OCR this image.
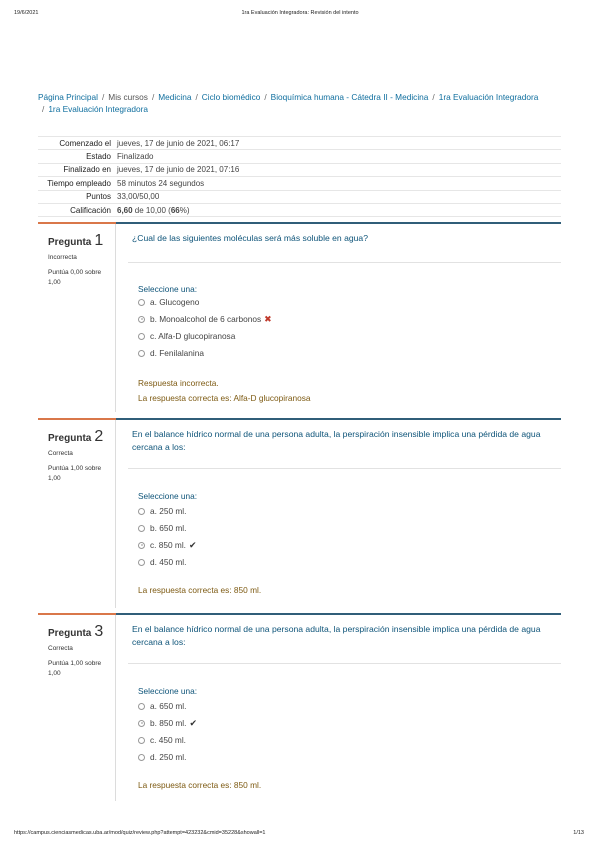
19/6/2021	1ra Evaluación Integradora: Revisión del intento
Página Principal / Mis cursos / Medicina / Ciclo biomédico / Bioquímica humana - Cátedra II - Medicina / 1ra Evaluación Integradora
/ 1ra Evaluación Integradora
Comenzado el	jueves, 17 de junio de 2021, 06:17
Estado	Finalizado
Finalizado en	jueves, 17 de junio de 2021, 07:16
Tiempo empleado	58 minutos 24 segundos
Puntos	33,00/50,00
Calificación	6,60 de 10,00 (66%)
Pregunta 1
Incorrecta
Puntúa 0,00 sobre 1,00
¿Cual de las siguientes moléculas será más soluble en agua?
Seleccione una:
a. Glucogeno
b. Monoalcohol de 6 carbonos ✖
c. Alfa-D glucopiranosa
d. Fenilalanina
Respuesta incorrecta.
La respuesta correcta es: Alfa-D glucopiranosa
Pregunta 2
Correcta
Puntúa 1,00 sobre 1,00
En el balance hídrico normal de una persona adulta, la perspiración insensible implica una pérdida de agua cercana a los:
Seleccione una:
a. 250 ml.
b. 650 ml.
c. 850 ml. ✔
d. 450 ml.
La respuesta correcta es: 850 ml.
Pregunta 3
Correcta
Puntúa 1,00 sobre 1,00
En el balance hídrico normal de una persona adulta, la perspiración insensible implica una pérdida de agua cercana a los:
Seleccione una:
a. 650 ml.
b. 850 ml. ✔
c. 450 ml.
d. 250 ml.
La respuesta correcta es: 850 ml.
https://campus.cienciasmedicas.uba.ar/mod/quiz/review.php?attempt=423232&cmid=35228&showall=1	1/13
